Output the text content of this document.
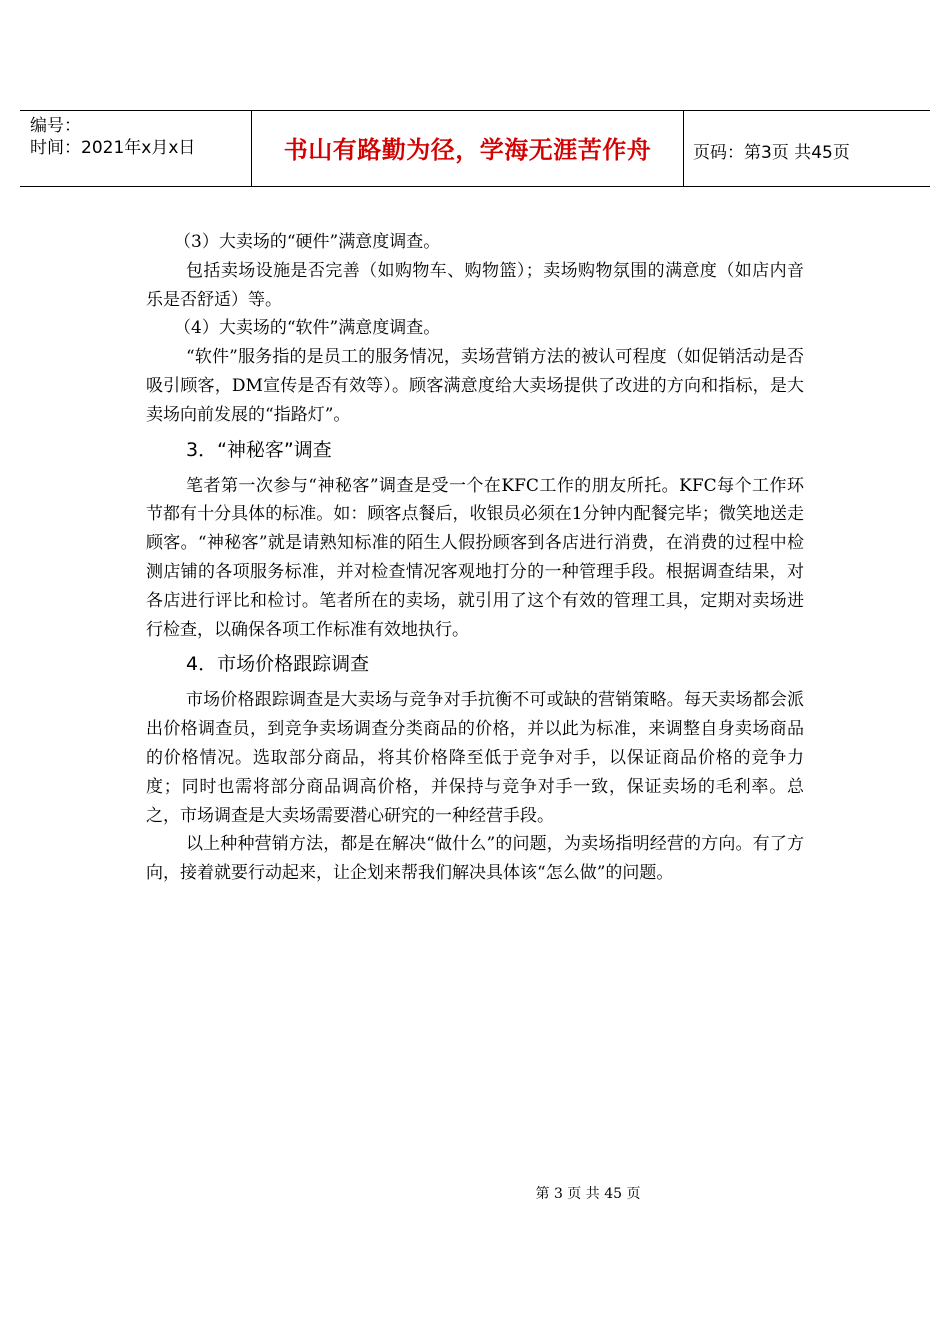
编号：
时间：2021年x月x日	书山有路勤为径，学海无涯苦作舟	页码：第3页 共45页

（3）大卖场的“硬件”满意度调查。

包括卖场设施是否完善（如购物车、购物篮）；卖场购物氛围的满意度（如店内音乐是否舒适）等。

（4）大卖场的“软件”满意度调查。

“软件”服务指的是员工的服务情况，卖场营销方法的被认可程度（如促销活动是否吸引顾客，DM宣传是否有效等）。顾客满意度给大卖场提供了改进的方向和指标，是大卖场向前发展的“指路灯”。

3．“神秘客”调查

笔者第一次参与“神秘客”调查是受一个在KFC工作的朋友所托。KFC每个工作环节都有十分具体的标准。如：顾客点餐后，收银员必须在1分钟内配餐完毕；微笑地送走顾客。“神秘客”就是请熟知标准的陌生人假扮顾客到各店进行消费，在消费的过程中检测店铺的各项服务标准，并对检查情况客观地打分的一种管理手段。根据调查结果，对各店进行评比和检讨。笔者所在的卖场，就引用了这个有效的管理工具，定期对卖场进行检查，以确保各项工作标准有效地执行。

4．市场价格跟踪调查

市场价格跟踪调查是大卖场与竞争对手抗衡不可或缺的营销策略。每天卖场都会派出价格调查员，到竞争卖场调查分类商品的价格，并以此为标准，来调整自身卖场商品的价格情况。选取部分商品，将其价格降至低于竞争对手，以保证商品价格的竞争力度；同时也需将部分商品调高价格，并保持与竞争对手一致，保证卖场的毛利率。总之，市场调查是大卖场需要潜心研究的一种经营手段。

以上种种营销方法，都是在解决“做什么”的问题，为卖场指明经营的方向。有了方向，接着就要行动起来，让企划来帮我们解决具体该“怎么做”的问题。

第 3 页 共 45 页
